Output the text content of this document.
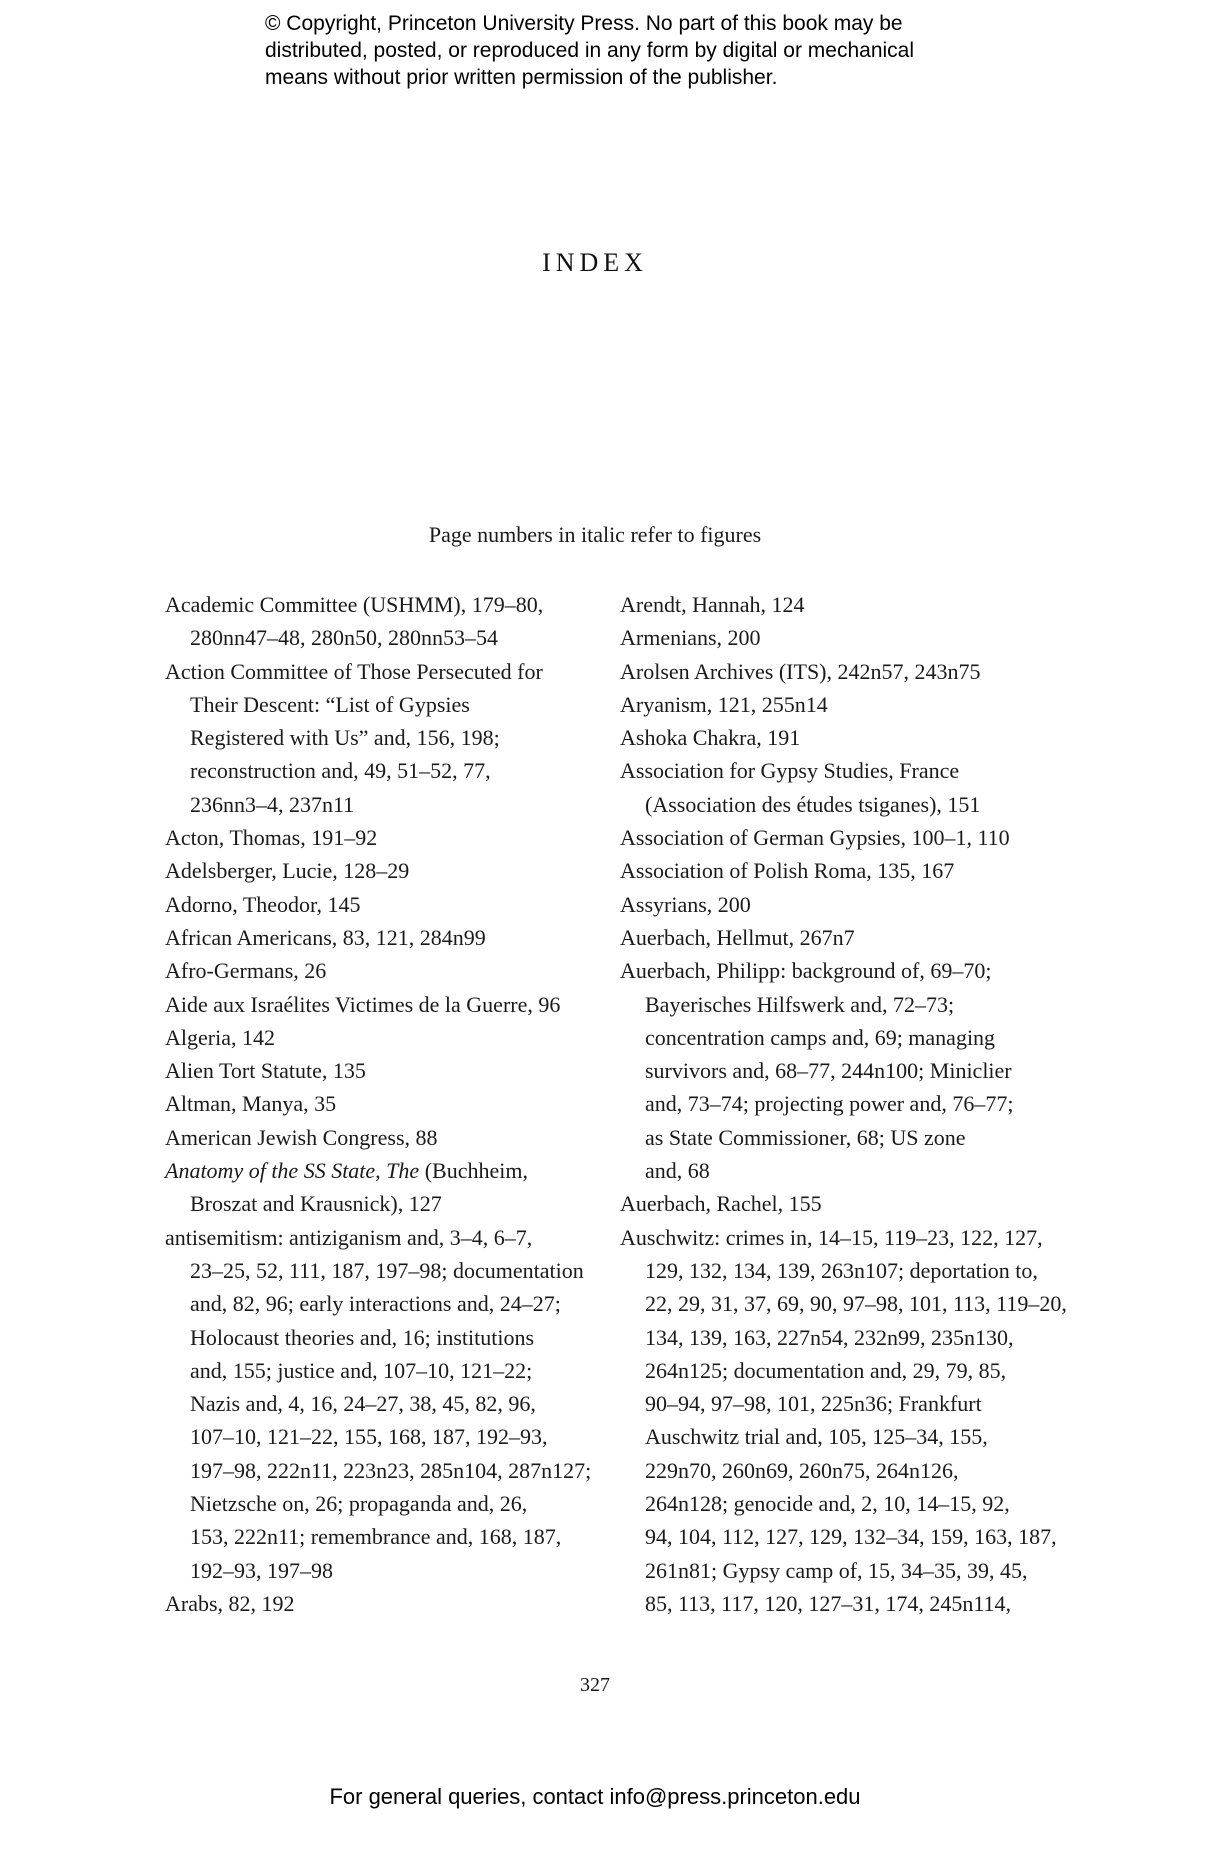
© Copyright, Princeton University Press. No part of this book may be
distributed, posted, or reproduced in any form by digital or mechanical
means without prior written permission of the publisher.
INDEX
Page numbers in italic refer to figures
Academic Committee (USHMM), 179–80,
280nn47–48, 280n50, 280nn53–54
Action Committee of Those Persecuted for
Their Descent: “List of Gypsies
Registered with Us” and, 156, 198;
reconstruction and, 49, 51–52, 77,
236nn3–4, 237n11
Acton, Thomas, 191–92
Adelsberger, Lucie, 128–29
Adorno, Theodor, 145
African Americans, 83, 121, 284n99
Afro-Germans, 26
Aide aux Israélites Victimes de la Guerre, 96
Algeria, 142
Alien Tort Statute, 135
Altman, Manya, 35
American Jewish Congress, 88
Anatomy of the SS State, The (Buchheim,
Broszat and Krausnick), 127
antisemitism: antiziganism and, 3–4, 6–7,
23–25, 52, 111, 187, 197–98; documentation
and, 82, 96; early interactions and, 24–27;
Holocaust theories and, 16; institutions
and, 155; justice and, 107–10, 121–22;
Nazis and, 4, 16, 24–27, 38, 45, 82, 96,
107–10, 121–22, 155, 168, 187, 192–93,
197–98, 222n11, 223n23, 285n104, 287n127;
Nietzsche on, 26; propaganda and, 26,
153, 222n11; remembrance and, 168, 187,
192–93, 197–98
Arabs, 82, 192
Arendt, Hannah, 124
Armenians, 200
Arolsen Archives (ITS), 242n57, 243n75
Aryanism, 121, 255n14
Ashoka Chakra, 191
Association for Gypsy Studies, France
(Association des études tsiganes), 151
Association of German Gypsies, 100–1, 110
Association of Polish Roma, 135, 167
Assyrians, 200
Auerbach, Hellmut, 267n7
Auerbach, Philipp: background of, 69–70;
Bayerisches Hilfswerk and, 72–73;
concentration camps and, 69; managing
survivors and, 68–77, 244n100; Miniclier
and, 73–74; projecting power and, 76–77;
as State Commissioner, 68; US zone
and, 68
Auerbach, Rachel, 155
Auschwitz: crimes in, 14–15, 119–23, 122, 127,
129, 132, 134, 139, 263n107; deportation to,
22, 29, 31, 37, 69, 90, 97–98, 101, 113, 119–20,
134, 139, 163, 227n54, 232n99, 235n130,
264n125; documentation and, 29, 79, 85,
90–94, 97–98, 101, 225n36; Frankfurt
Auschwitz trial and, 105, 125–34, 155,
229n70, 260n69, 260n75, 264n126,
264n128; genocide and, 2, 10, 14–15, 92,
94, 104, 112, 127, 129, 132–34, 159, 163, 187,
261n81; Gypsy camp of, 15, 34–35, 39, 45,
85, 113, 117, 120, 127–31, 174, 245n114,
327
For general queries, contact info@press.princeton.edu
